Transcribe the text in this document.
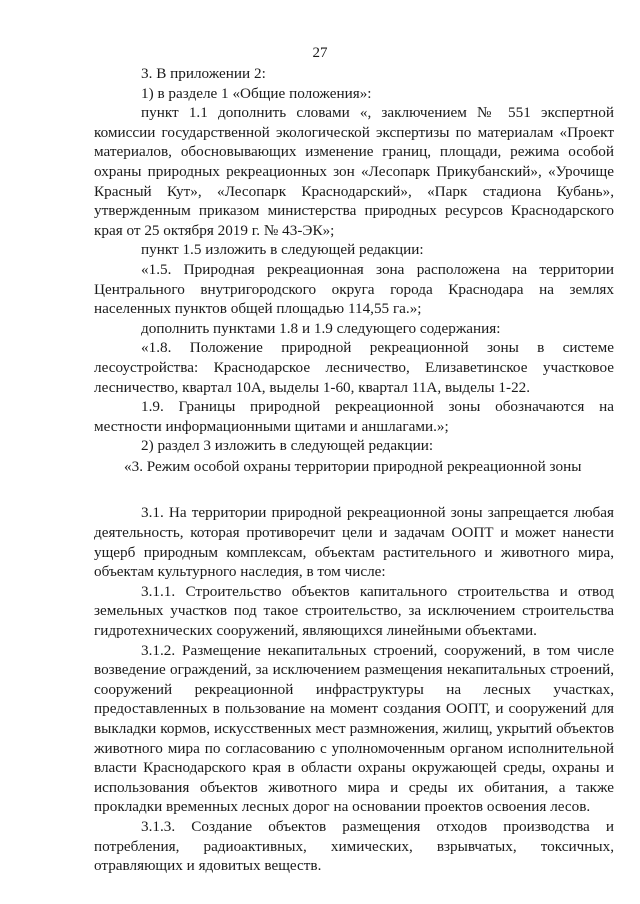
27

3. В приложении 2:

1) в разделе 1 «Общие положения»:

пункт 1.1 дополнить словами «, заключением № 551 экспертной комиссии государственной экологической экспертизы по материалам «Проект материалов, обосновывающих изменение границ, площади, режима особой охраны природных рекреационных зон «Лесопарк Прикубанский», «Урочище Красный Кут», «Лесопарк Краснодарский», «Парк стадиона Кубань», утвержденным приказом министерства природных ресурсов Краснодарского края от 25 октября 2019 г. № 43-ЭК»;

пункт 1.5 изложить в следующей редакции:

«1.5. Природная рекреационная зона расположена на территории Центрального внутригородского округа города Краснодара на землях населенных пунктов общей площадью 114,55 га.»;

дополнить пунктами 1.8 и 1.9 следующего содержания:

«1.8. Положение природной рекреационной зоны в системе лесоустройства: Краснодарское лесничество, Елизаветинское участковое лесничество, квартал 10А, выделы 1-60, квартал 11А, выделы 1-22.

1.9. Границы природной рекреационной зоны обозначаются на местности информационными щитами и аншлагами.»;

2) раздел 3 изложить в следующей редакции:

«3. Режим особой охраны территории природной рекреационной зоны

3.1. На территории природной рекреационной зоны запрещается любая деятельность, которая противоречит цели и задачам ООПТ и может нанести ущерб природным комплексам, объектам растительного и животного мира, объектам культурного наследия, в том числе:

3.1.1. Строительство объектов капитального строительства и отвод земельных участков под такое строительство, за исключением строительства гидротехнических сооружений, являющихся линейными объектами.

3.1.2. Размещение некапитальных строений, сооружений, в том числе возведение ограждений, за исключением размещения некапитальных строений, сооружений рекреационной инфраструктуры на лесных участках, предоставленных в пользование на момент создания ООПТ, и сооружений для выкладки кормов, искусственных мест размножения, жилищ, укрытий объектов животного мира по согласованию с уполномоченным органом исполнительной власти Краснодарского края в области охраны окружающей среды, охраны и использования объектов животного мира и среды их обитания, а также прокладки временных лесных дорог на основании проектов освоения лесов.

3.1.3. Создание объектов размещения отходов производства и потребления, радиоактивных, химических, взрывчатых, токсичных, отравляющих и ядовитых веществ.
